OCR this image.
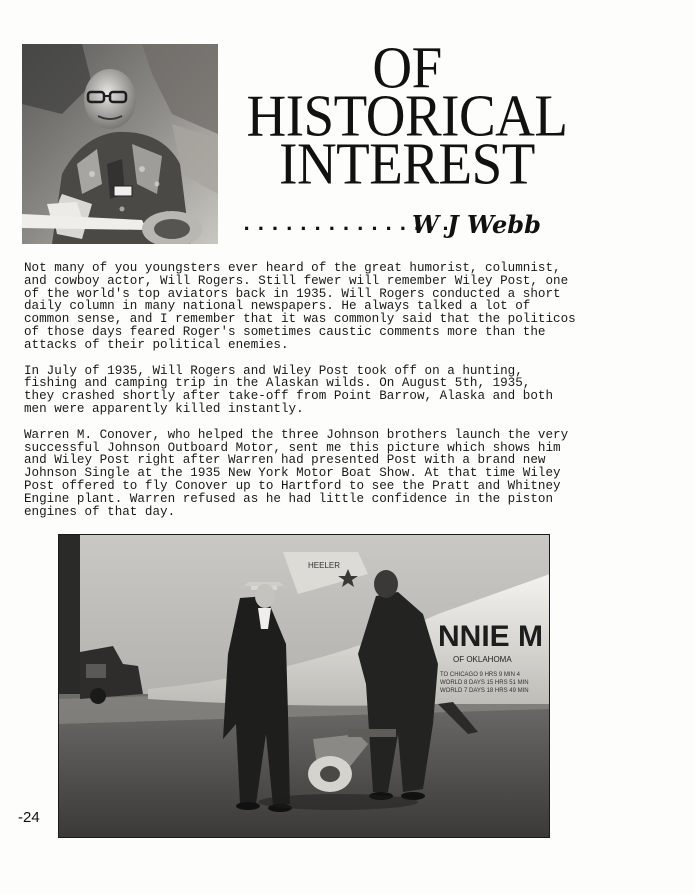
OF
HISTORICAL
INTEREST
...............
W J Webb

Not many of you youngsters ever heard of the great humorist, columnist,
and cowboy actor, Will Rogers. Still fewer will remember Wiley Post, one
of the world's top aviators back in 1935. Will Rogers conducted a short
daily column in many national newspapers. He always talked a lot of
common sense, and I remember that it was commonly said that the politicos
of those days feared Roger's sometimes caustic comments more than the
attacks of their political enemies.

In July of 1935, Will Rogers and Wiley Post took off on a hunting,
fishing and camping trip in the Alaskan wilds. On August 5th, 1935,
they crashed shortly after take-off from Point Barrow, Alaska and both
men were apparently killed instantly.

Warren M. Conover, who helped the three Johnson brothers launch the very
successful Johnson Outboard Motor, sent me this picture which shows him
and Wiley Post right after Warren had presented Post with a brand new
Johnson Single at the 1935 New York Motor Boat Show. At that time Wiley
Post offered to fly Conover up to Hartford to see the Pratt and Whitney
Engine plant. Warren refused as he had little confidence in the piston
engines of that day.

NNIE M
OF OKLAHOMA
TO CHICAGO 9 HRS 9 MIN 4 WORLD 8 DAYS 15 HRS 51 MIN WORLD 7 DAYS 18 HRS 49 MIN
HEELER
-24
